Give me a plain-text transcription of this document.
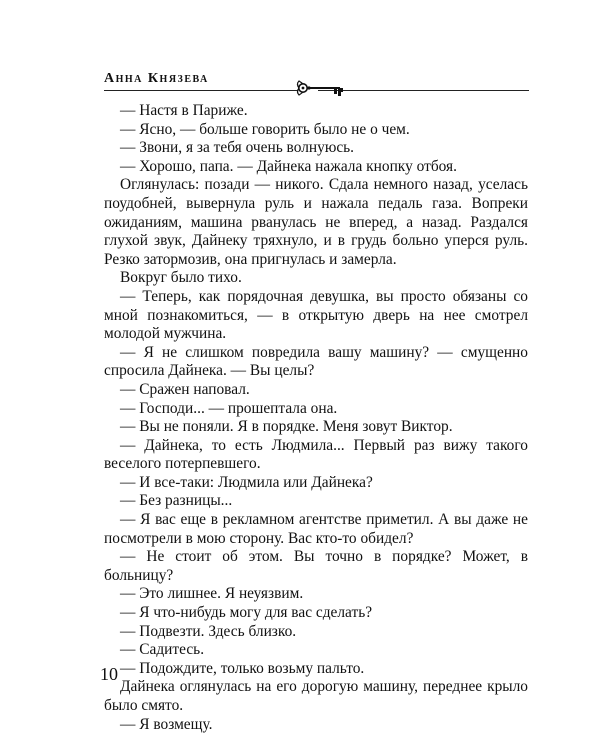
Анна Князева

— Настя в Париже.

— Ясно, — больше говорить было не о чем.

— Звони, я за тебя очень волнуюсь.

— Хорошо, папа. — Дайнека нажала кнопку отбоя.

Оглянулась: позади — никого. Сдала немного назад, уселась поудобней, вывернула руль и нажала педаль газа. Вопреки ожиданиям, машина рванулась не вперед, а назад. Раздался глухой звук, Дайнеку тряхнуло, и в грудь больно уперся руль. Резко затормозив, она пригнулась и замерла.

Вокруг было тихо.

— Теперь, как порядочная девушка, вы просто обязаны со мной познакомиться, — в открытую дверь на нее смотрел молодой мужчина.

— Я не слишком повредила вашу машину? — смущенно спросила Дайнека. — Вы целы?

— Сражен наповал.

— Господи... — прошептала она.

— Вы не поняли. Я в порядке. Меня зовут Виктор.

— Дайнека, то есть Людмила... Первый раз вижу такого веселого потерпевшего.

— И все-таки: Людмила или Дайнека?

— Без разницы...

— Я вас еще в рекламном агентстве приметил. А вы даже не посмотрели в мою сторону. Вас кто-то обидел?

— Не стоит об этом. Вы точно в порядке? Может, в больницу?

— Это лишнее. Я неуязвим.

— Я что-нибудь могу для вас сделать?

— Подвезти. Здесь близко.

— Садитесь.

— Подождите, только возьму пальто.

Дайнека оглянулась на его дорогую машину, переднее крыло было смято.

— Я возмещу.

10
